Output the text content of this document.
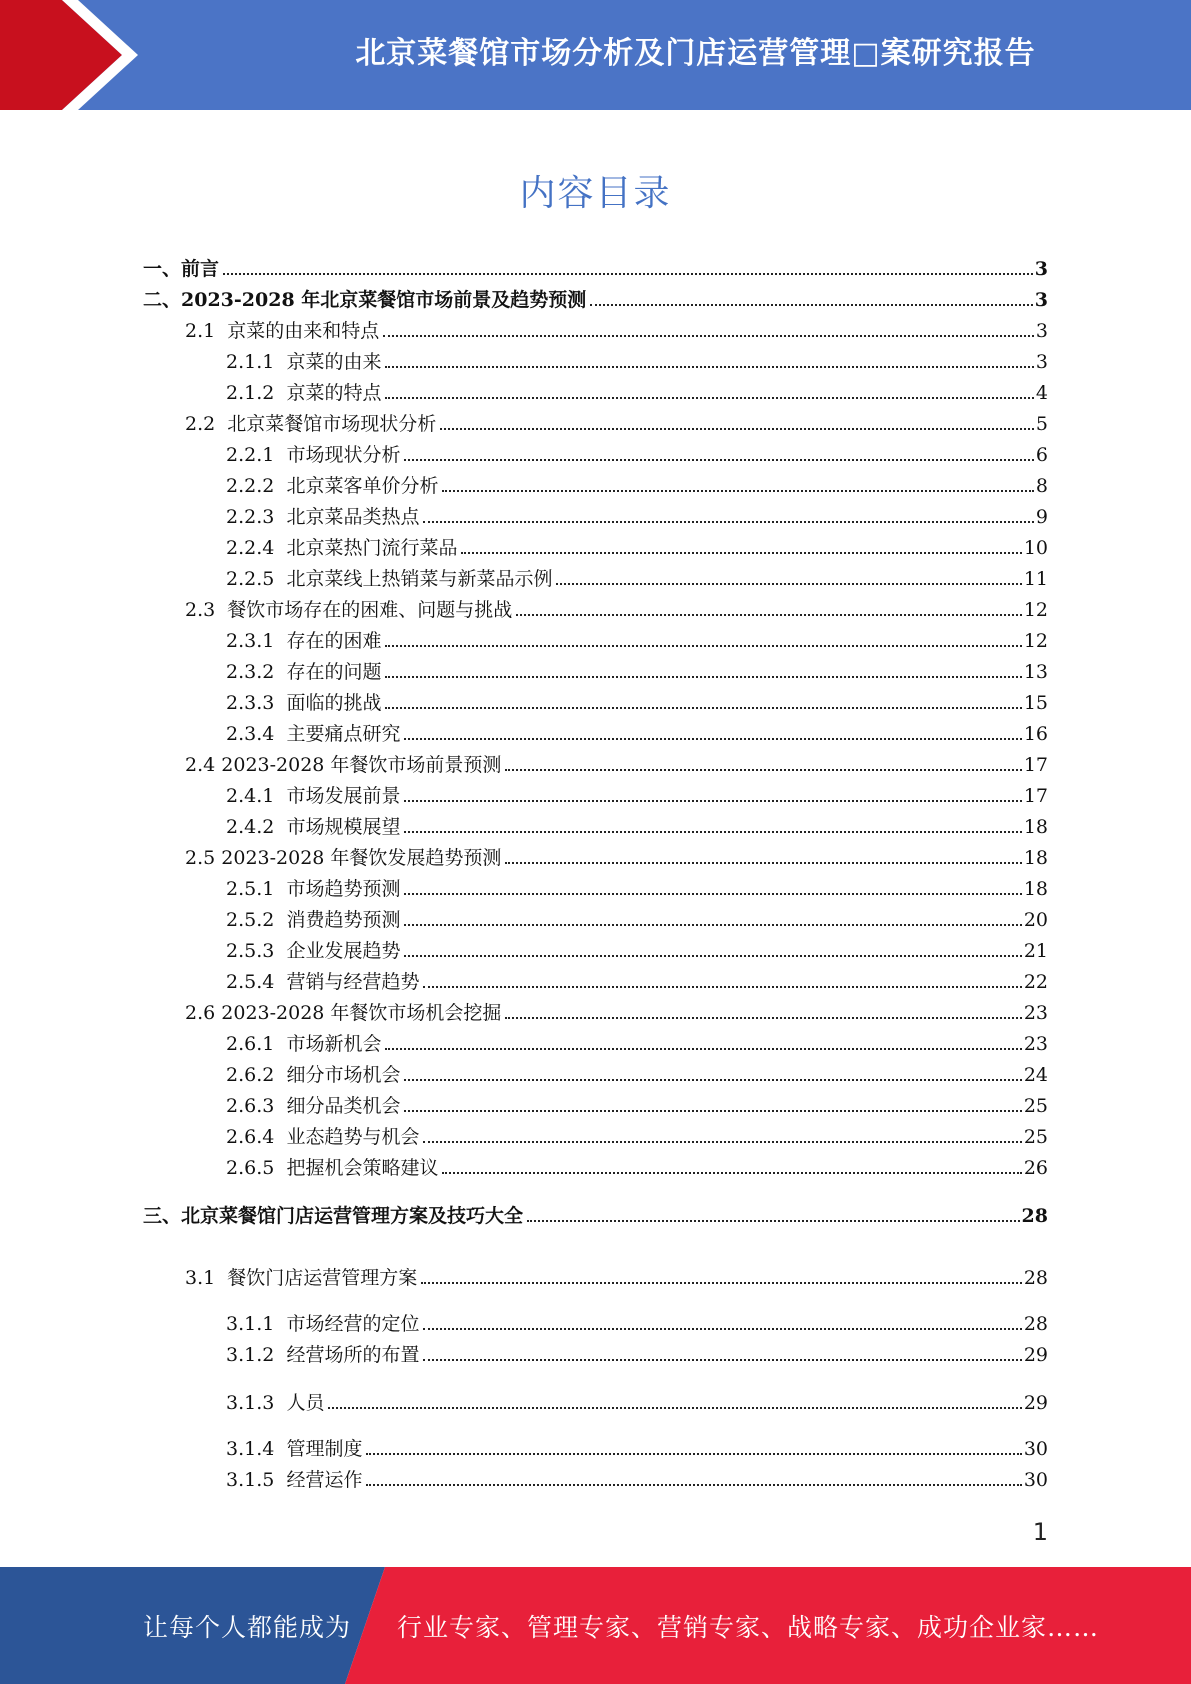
北京菜餐馆市场分析及门店运营管理□案研究报告
内容目录
一、 前言	3
二、 2023-2028 年北京菜餐馆市场前景及趋势预测	3
2.1 京菜的由来和特点	3
2.1.1 京菜的由来	3
2.1.2 京菜的特点	4
2.2 北京菜餐馆市场现状分析	5
2.2.1 市场现状分析	6
2.2.2 北京菜客单价分析	8
2.2.3 北京菜品类热点	9
2.2.4 北京菜热门流行菜品	10
2.2.5 北京菜线上热销菜与新菜品示例	11
2.3 餐饮市场存在的困难、问题与挑战	12
2.3.1 存在的困难	12
2.3.2 存在的问题	13
2.3.3 面临的挑战	15
2.3.4 主要痛点研究	16
2.4 2023-2028 年餐饮市场前景预测	17
2.4.1 市场发展前景	17
2.4.2 市场规模展望	18
2.5 2023-2028 年餐饮发展趋势预测	18
2.5.1 市场趋势预测	18
2.5.2 消费趋势预测	20
2.5.3 企业发展趋势	21
2.5.4 营销与经营趋势	22
2.6 2023-2028 年餐饮市场机会挖掘	23
2.6.1 市场新机会	23
2.6.2 细分市场机会	24
2.6.3 细分品类机会	25
2.6.4 业态趋势与机会	25
2.6.5 把握机会策略建议	26
三、 北京菜餐馆门店运营管理方案及技巧大全	28
3.1 餐饮门店运营管理方案	28
3.1.1 市场经营的定位	28
3.1.2 经营场所的布置	29
3.1.3 人员	29
3.1.4 管理制度	30
3.1.5 经营运作	30
1
让每个人都能成为 行业专家、管理专家、营销专家、战略专家、成功企业家……
